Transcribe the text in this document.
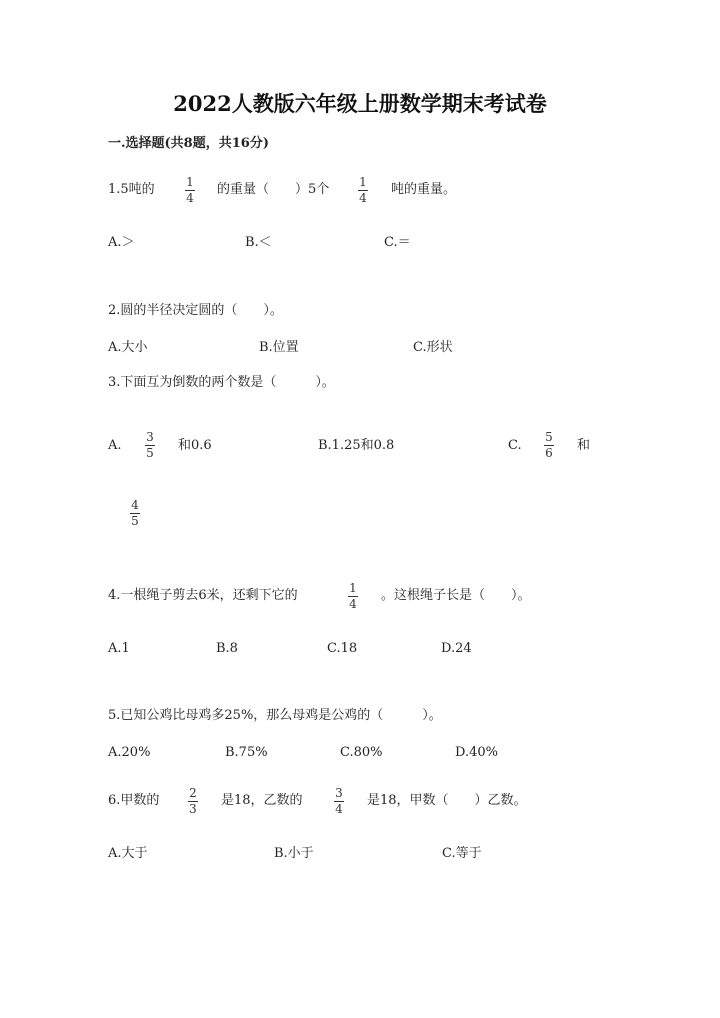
2022人教版六年级上册数学期末考试卷
一.选择题(共8题，共16分)
1.5吨的	1
4
的重量（　　）5个 1
4
吨的重量。
A.＞	B.＜	C.＝
2.圆的半径决定圆的（　　）。
A.大小	B.位置	C.形状
3.下面互为倒数的两个数是（　　　）。
A.
3
5 和0.6	B.1.25和0.8	C.
5
6 和
4
5
4.一根绳子剪去6米，还剩下它的	1
4
。这根绳子长是（　　）。
A.1	B.8	C.18	D.24
5.已知公鸡比母鸡多25%，那么母鸡是公鸡的（　　　）。
A.20%	B.75%	C.80%	D.40%
6.甲数的 2
3
是18，乙数的	3
4
是18，甲数（　　）乙数。
A.大于	B.小于	C.等于
